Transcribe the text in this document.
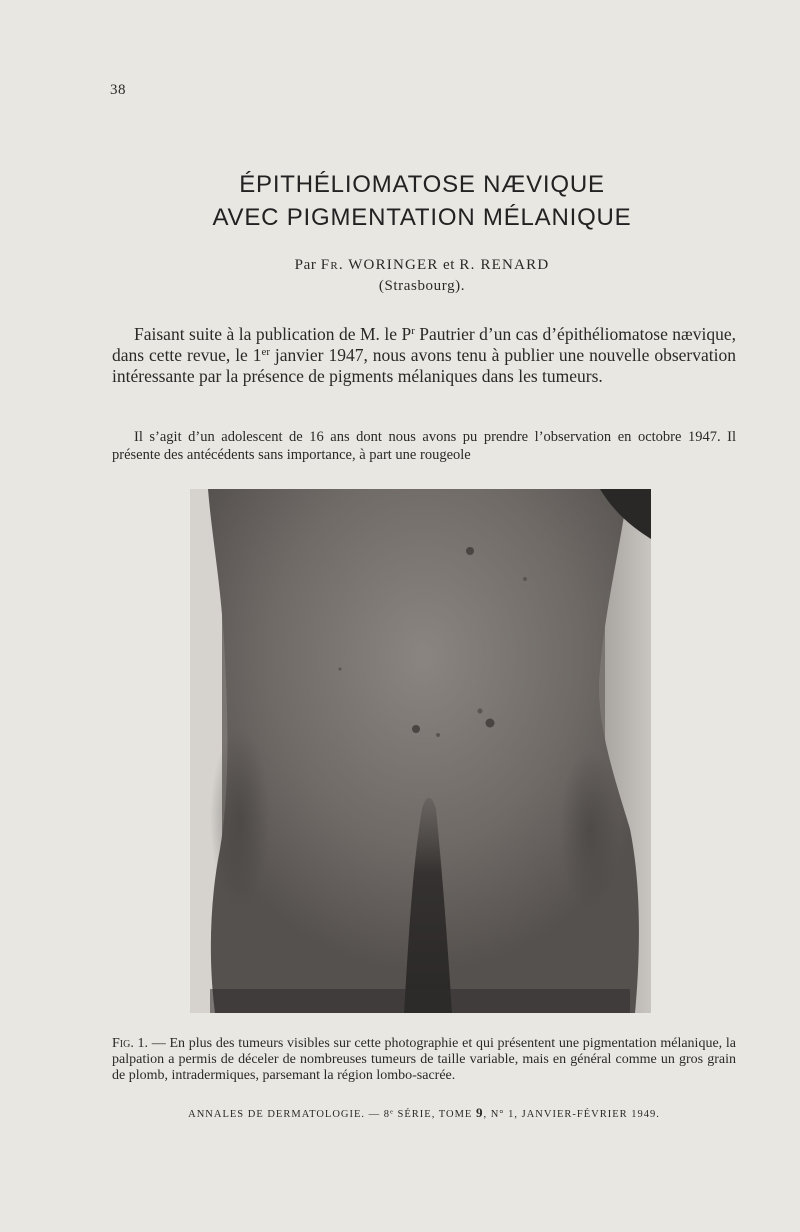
38
ÉPITHÉLIOMATOSE NÆVIQUE
AVEC PIGMENTATION MÉLANIQUE
Par Fr. WORINGER et R. RENARD
(Strasbourg).
Faisant suite à la publication de M. le $P^r$ Pautrier d’un cas d’épithéliomatose nævique, dans cette revue, le 1er janvier 1947, nous avons tenu à publier une nouvelle observation intéressante par la présence de pigments mélaniques dans les tumeurs.
Il s’agit d’un adolescent de 16 ans dont nous avons pu prendre l’observation en octobre 1947. Il présente des antécédents sans importance, à part une rougeole
Fig. 1. — En plus des tumeurs visibles sur cette photographie et qui présentent une pigmentation mélanique, la palpation a permis de déceler de nombreuses tumeurs de taille variable, mais en général comme un gros grain de plomb, intradermiques, parsemant la région lombo-sacrée.
ANNALES DE DERMATOLOGIE. — 8e SÉRIE, TOME 9, N° 1, JANVIER-FÉVRIER 1949.
